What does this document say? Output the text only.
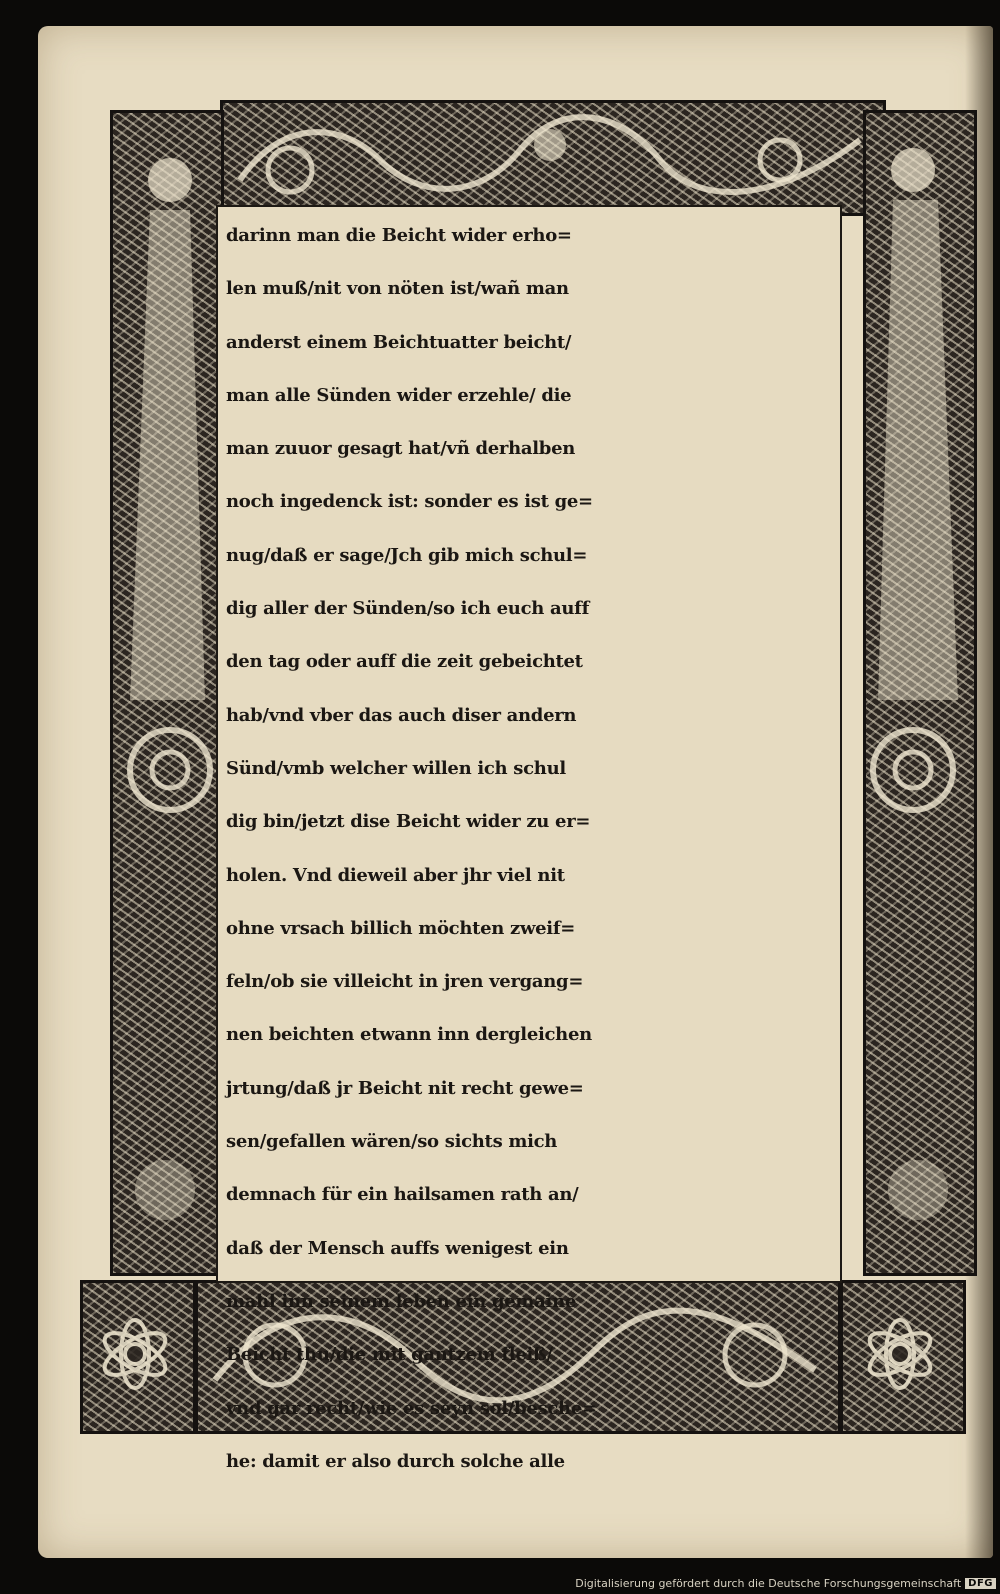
darinn man die Beicht wider erho=
len muß/nit von nöten ist/wañ man
anderst einem Beichtuatter beicht/
man alle Sünden wider erzehle/ die
man zuuor gesagt hat/vñ derhalben
noch ingedenck ist: sonder es ist ge=
nug/daß er sage/Jch gib mich schul=
dig aller der Sünden/so ich euch auff
den tag oder auff die zeit gebeichtet
hab/vnd vber das auch diser andern
Sünd/vmb welcher willen ich schul
dig bin/jetzt dise Beicht wider zu er=
holen. Vnd dieweil aber jhr viel nit
ohne vrsach billich möchten zweif=
feln/ob sie villeicht in jren vergang=
nen beichten etwann inn dergleichen
jrtung/daß jr Beicht nit recht gewe=
sen/gefallen wären/so sichts mich
demnach für ein hailsamen rath an/
daß der Mensch auffs wenigest ein
mahl inn seinem leben ein gemaine
Beicht thu/die mit gantzem fleiß/
vnd gar recht/wie es seyn sol/besche=
he: damit er also durch solche alle
Digitalisierung gefördert durch die Deutsche Forschungsgemeinschaft DFG
